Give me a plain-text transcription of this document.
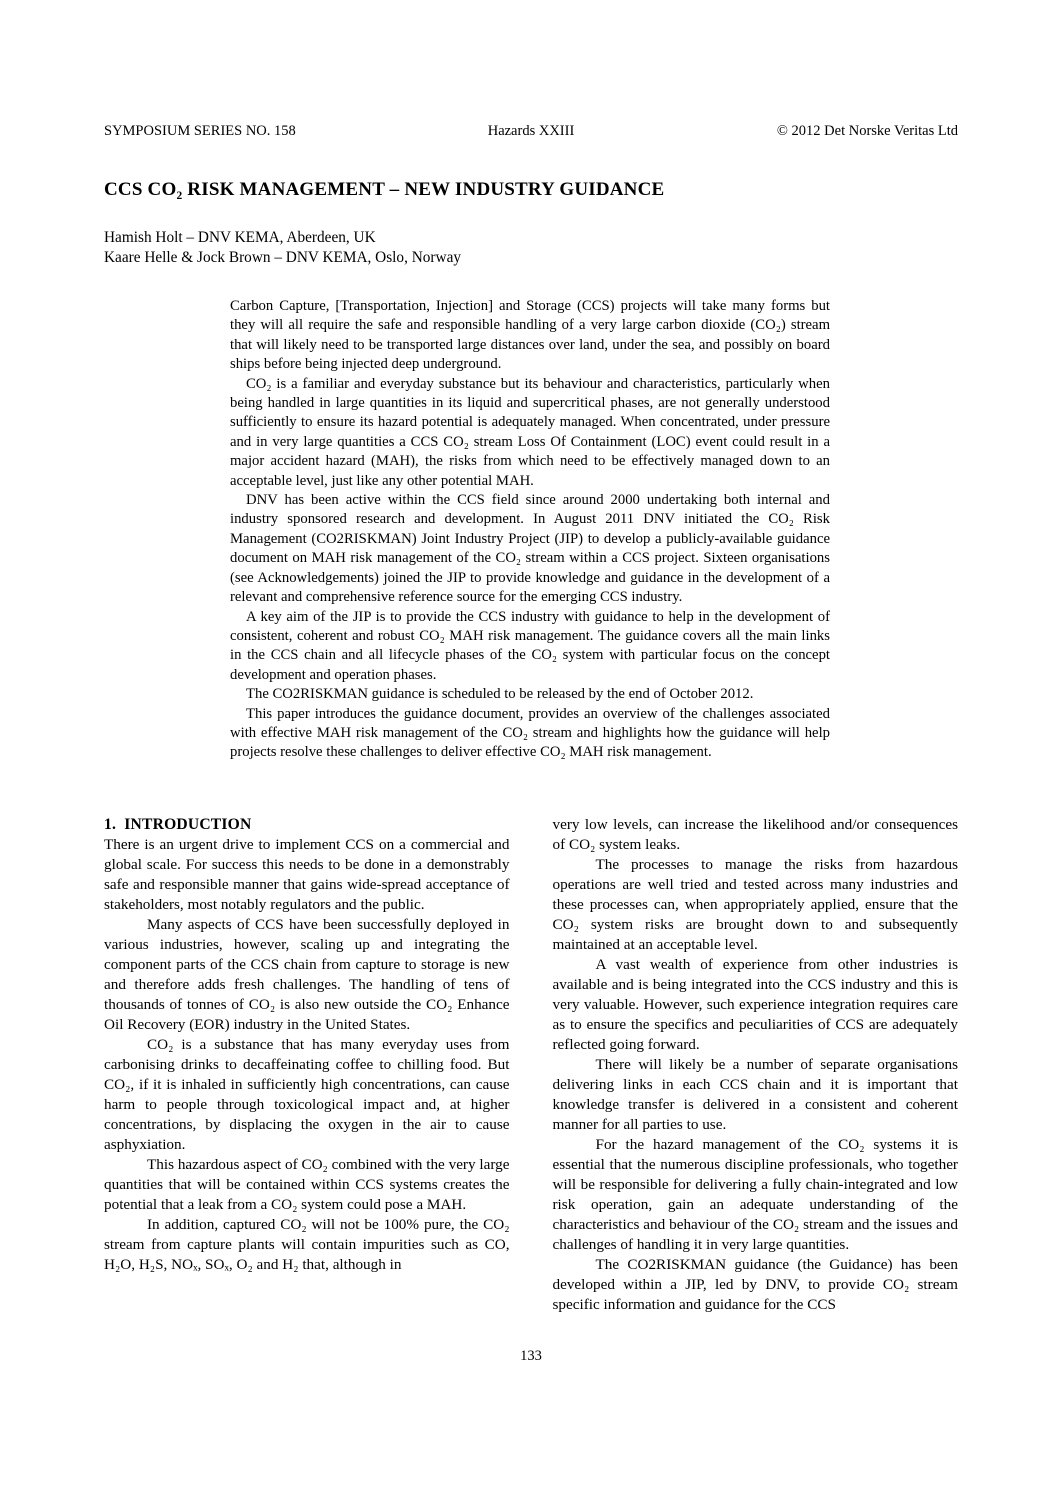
SYMPOSIUM SERIES NO. 158	Hazards XXIII	© 2012 Det Norske Veritas Ltd
CCS CO₂ RISK MANAGEMENT – NEW INDUSTRY GUIDANCE
Hamish Holt – DNV KEMA, Aberdeen, UK
Kaare Helle & Jock Brown – DNV KEMA, Oslo, Norway

Carbon Capture, [Transportation, Injection] and Storage (CCS) projects will take many forms but they will all require the safe and responsible handling of a very large carbon dioxide (CO₂) stream that will likely need to be transported large distances over land, under the sea, and possibly on board ships before being injected deep underground.

CO₂ is a familiar and everyday substance but its behaviour and characteristics, particularly when being handled in large quantities in its liquid and supercritical phases, are not generally understood sufficiently to ensure its hazard potential is adequately managed. When concentrated, under pressure and in very large quantities a CCS CO₂ stream Loss Of Containment (LOC) event could result in a major accident hazard (MAH), the risks from which need to be effectively managed down to an acceptable level, just like any other potential MAH.

DNV has been active within the CCS field since around 2000 undertaking both internal and industry sponsored research and development. In August 2011 DNV initiated the CO₂ Risk Management (CO2RISKMAN) Joint Industry Project (JIP) to develop a publicly-available guidance document on MAH risk management of the CO₂ stream within a CCS project. Sixteen organisations (see Acknowledgements) joined the JIP to provide knowledge and guidance in the development of a relevant and comprehensive reference source for the emerging CCS industry.

A key aim of the JIP is to provide the CCS industry with guidance to help in the development of consistent, coherent and robust CO₂ MAH risk management. The guidance covers all the main links in the CCS chain and all lifecycle phases of the CO₂ system with particular focus on the concept development and operation phases.

The CO2RISKMAN guidance is scheduled to be released by the end of October 2012.

This paper introduces the guidance document, provides an overview of the challenges associated with effective MAH risk management of the CO₂ stream and highlights how the guidance will help projects resolve these challenges to deliver effective CO₂ MAH risk management.

1.  INTRODUCTION

There is an urgent drive to implement CCS on a commercial and global scale. For success this needs to be done in a demonstrably safe and responsible manner that gains wide-spread acceptance of stakeholders, most notably regulators and the public.

Many aspects of CCS have been successfully deployed in various industries, however, scaling up and integrating the component parts of the CCS chain from capture to storage is new and therefore adds fresh challenges. The handling of tens of thousands of tonnes of CO₂ is also new outside the CO₂ Enhance Oil Recovery (EOR) industry in the United States.

CO₂ is a substance that has many everyday uses from carbonising drinks to decaffeinating coffee to chilling food. But CO₂, if it is inhaled in sufficiently high concentrations, can cause harm to people through toxicological impact and, at higher concentrations, by displacing the oxygen in the air to cause asphyxiation.

This hazardous aspect of CO₂ combined with the very large quantities that will be contained within CCS systems creates the potential that a leak from a CO₂ system could pose a MAH.

In addition, captured CO₂ will not be 100% pure, the CO₂ stream from capture plants will contain impurities such as CO, H₂O, H₂S, NOₓ, SOₓ, O₂ and H₂ that, although in

very low levels, can increase the likelihood and/or consequences of CO₂ system leaks.

The processes to manage the risks from hazardous operations are well tried and tested across many industries and these processes can, when appropriately applied, ensure that the CO₂ system risks are brought down to and subsequently maintained at an acceptable level.

A vast wealth of experience from other industries is available and is being integrated into the CCS industry and this is very valuable. However, such experience integration requires care as to ensure the specifics and peculiarities of CCS are adequately reflected going forward.

There will likely be a number of separate organisations delivering links in each CCS chain and it is important that knowledge transfer is delivered in a consistent and coherent manner for all parties to use.

For the hazard management of the CO₂ systems it is essential that the numerous discipline professionals, who together will be responsible for delivering a fully chain-integrated and low risk operation, gain an adequate understanding of the characteristics and behaviour of the CO₂ stream and the issues and challenges of handling it in very large quantities.

The CO2RISKMAN guidance (the Guidance) has been developed within a JIP, led by DNV, to provide CO₂ stream specific information and guidance for the CCS

133
